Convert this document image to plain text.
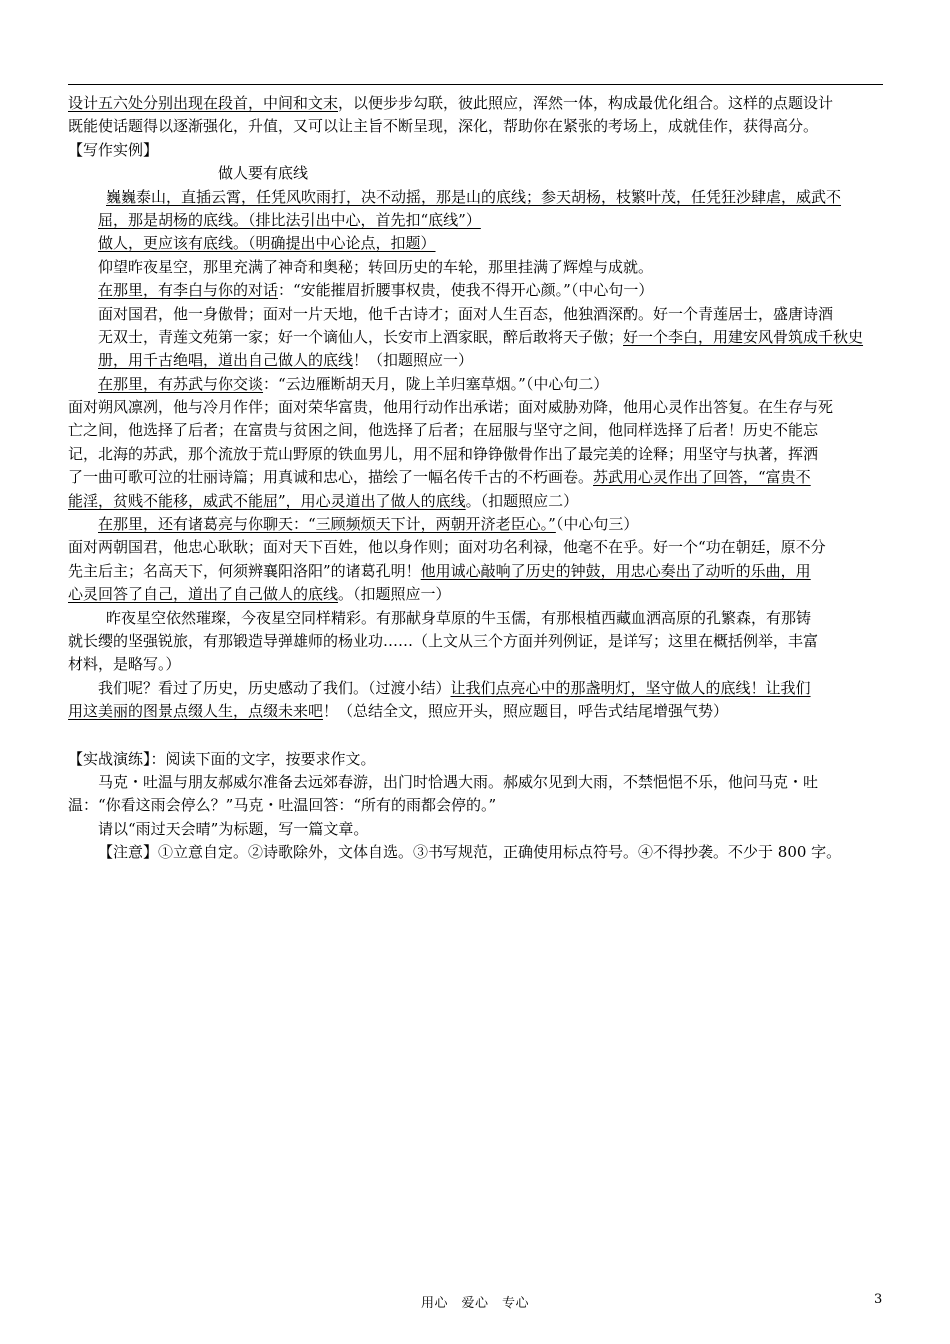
设计五六处分别出现在段首，中间和文末，以便步步勾联，彼此照应，浑然一体，构成最优化组合。这样的点题设计
既能使话题得以逐渐强化，升值，又可以让主旨不断呈现，深化，帮助你在紧张的考场上，成就佳作，获得高分。
【写作实例】
做人要有底线
巍巍泰山，直插云霄，任凭风吹雨打，决不动摇，那是山的底线；参天胡杨，枝繁叶茂，任凭狂沙肆虐，威武不
屈，那是胡杨的底线。（排比法引出中心，首先扣“底线”）
做人，更应该有底线。（明确提出中心论点，扣题）
仰望昨夜星空，那里充满了神奇和奥秘；转回历史的车轮，那里挂满了辉煌与成就。
在那里，有李白与你的对话：“安能摧眉折腰事权贵，使我不得开心颜。”（中心句一）
面对国君，他一身傲骨；面对一片天地，他千古诗才；面对人生百态，他独酒深酌。好一个青莲居士，盛唐诗酒
无双士，青莲文苑第一家；好一个谪仙人，长安市上酒家眠，醉后敢将天子傲；好一个李白，用建安风骨筑成千秋史
册，用千古绝唱，道出自己做人的底线！（扣题照应一）
在那里，有苏武与你交谈：“云边雁断胡天月，陇上羊归塞草烟。”（中心句二）
面对朔风凛冽，他与冷月作伴；面对荣华富贵，他用行动作出承诺；面对威胁劝降，他用心灵作出答复。在生存与死
亡之间，他选择了后者；在富贵与贫困之间，他选择了后者；在屈服与坚守之间，他同样选择了后者！历史不能忘
记，北海的苏武，那个流放于荒山野原的铁血男儿，用不屈和铮铮傲骨作出了最完美的诠释；用坚守与执著，挥洒
了一曲可歌可泣的壮丽诗篇；用真诚和忠心，描绘了一幅名传千古的不朽画卷。苏武用心灵作出了回答，“富贵不
能淫，贫贱不能移，威武不能屈”，用心灵道出了做人的底线。（扣题照应二）
在那里，还有诸葛亮与你聊天：“三顾频烦天下计，两朝开济老臣心。”（中心句三）
面对两朝国君，他忠心耿耿；面对天下百姓，他以身作则；面对功名利禄，他毫不在乎。好一个“功在朝廷，原不分
先主后主；名高天下，何须辨襄阳洛阳”的诸葛孔明！他用诚心敲响了历史的钟鼓，用忠心奏出了动听的乐曲，用
心灵回答了自己，道出了自己做人的底线。（扣题照应一）
昨夜星空依然璀璨，今夜星空同样精彩。有那献身草原的牛玉儒，有那根植西藏血洒高原的孔繁森，有那铸
就长缨的坚强锐旅，有那锻造导弹雄师的杨业功……（上文从三个方面并列例证，是详写；这里在概括例举，丰富
材料，是略写。）
我们呢？看过了历史，历史感动了我们。（过渡小结）让我们点亮心中的那盏明灯，坚守做人的底线！让我们
用这美丽的图景点缀人生，点缀未来吧！（总结全文，照应开头，照应题目，呼告式结尾增强气势）
【实战演练】：阅读下面的文字，按要求作文。
马克・吐温与朋友郝威尔准备去远郊春游，出门时恰遇大雨。郝威尔见到大雨，不禁悒悒不乐，他问马克・吐
温：“你看这雨会停么？”马克・吐温回答：“所有的雨都会停的。”
请以“雨过天会晴”为标题，写一篇文章。
【注意】①立意自定。②诗歌除外，文体自选。③书写规范，正确使用标点符号。④不得抄袭。不少于 800 字。
用心　爱心　专心	3
